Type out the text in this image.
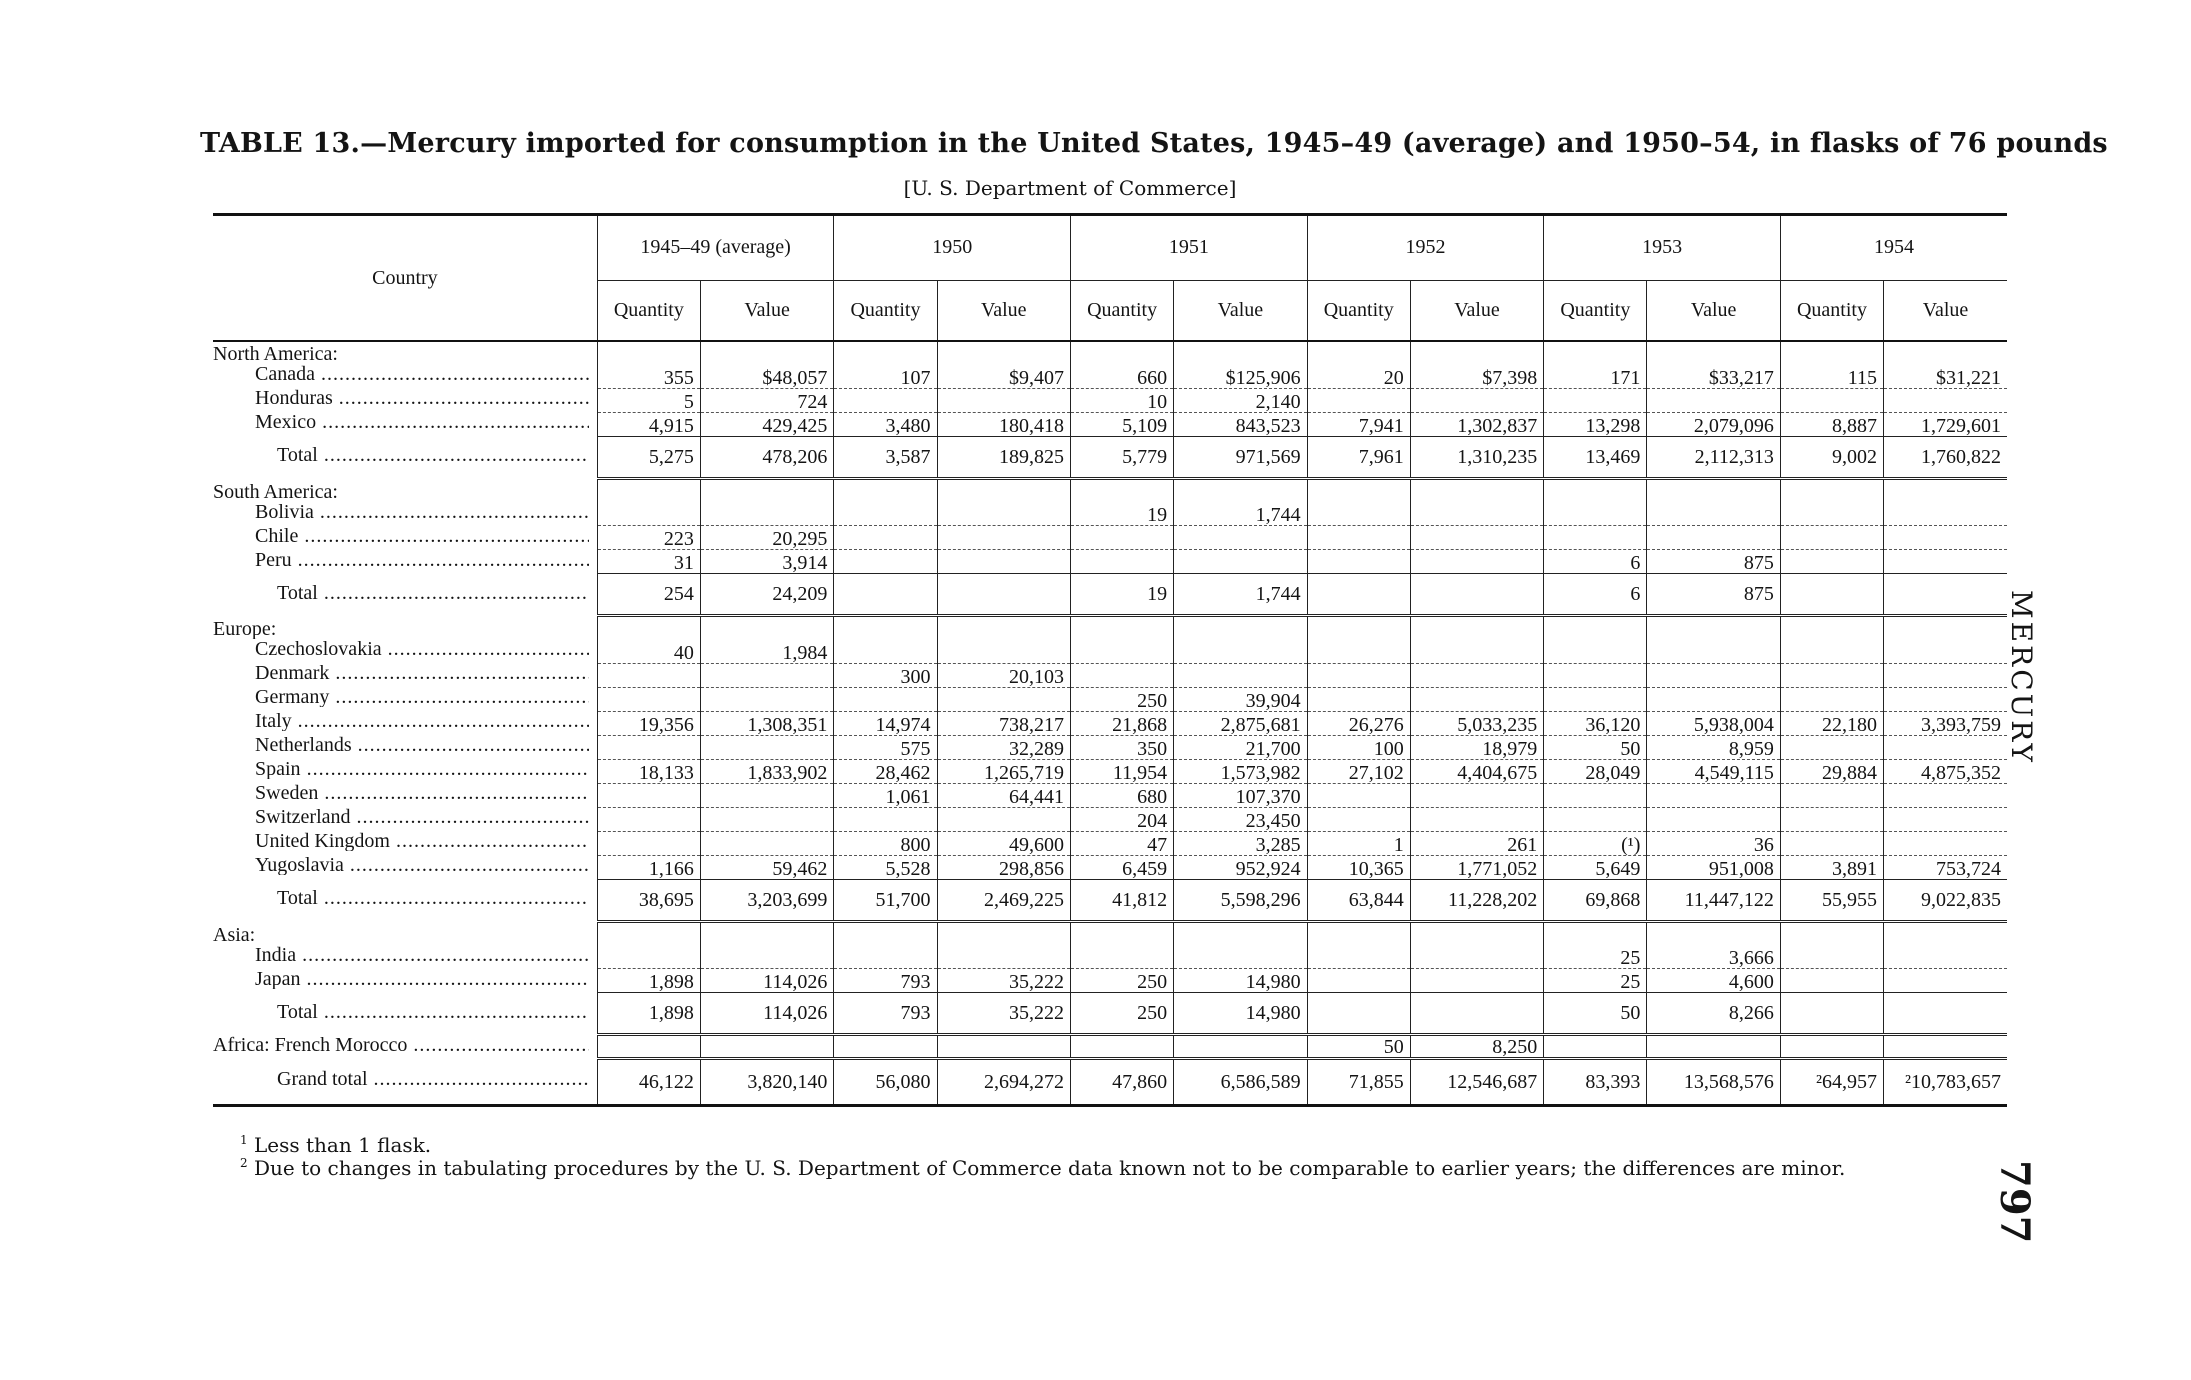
TABLE 13.—Mercury imported for consumption in the United States, 1945–49 (average) and 1950–54, in flasks of 76 pounds
[U. S. Department of Commerce]
Country	1945–49 (average)		1950		1951		1952		1953		1954	
	Quantity	Value	Quantity	Value	Quantity	Value	Quantity	Value	Quantity	Value	Quantity	Value
North America:												
Canada .....	355	$48,057	107	$9,407	660	$125,906	20	$7,398	171	$33,217	115	$31,221
Honduras .....	5	724			10	2,140						
Mexico .....	4,915	429,425	3,480	180,418	5,109	843,523	7,941	1,302,837	13,298	2,079,096	8,887	1,729,601
Total .....	5,275	478,206	3,587	189,825	5,779	971,569	7,961	1,310,235	13,469	2,112,313	9,002	1,760,822
South America:												
Bolivia .....					19	1,744						
Chile .....	223	20,295										
Peru .....	31	3,914							6	875		
Total .....	254	24,209			19	1,744			6	875		
Europe:												
Czechoslovakia .....	40	1,984										
Denmark .....			300	20,103								
Germany .....					250	39,904						
Italy .....	19,356	1,308,351	14,974	738,217	21,868	2,875,681	26,276	5,033,235	36,120	5,938,004	22,180	3,393,759
Netherlands .....			575	32,289	350	21,700	100	18,979	50	8,959		
Spain .....	18,133	1,833,902	28,462	1,265,719	11,954	1,573,982	27,102	4,404,675	28,049	4,549,115	29,884	4,875,352
Sweden .....			1,061	64,441	680	107,370						
Switzerland .....					204	23,450						
United Kingdom .....			800	49,600	47	3,285	1	261	(¹)	36		
Yugoslavia .....	1,166	59,462	5,528	298,856	6,459	952,924	10,365	1,771,052	5,649	951,008	3,891	753,724
Total .....	38,695	3,203,699	51,700	2,469,225	41,812	5,598,296	63,844	11,228,202	69,868	11,447,122	55,955	9,022,835
Asia:												
India .....									25	3,666		
Japan .....	1,898	114,026	793	35,222	250	14,980			25	4,600		
Total .....	1,898	114,026	793	35,222	250	14,980			50	8,266		
Africa: French Morocco .....							50	8,250				
Grand total .....	46,122	3,820,140	56,080	2,694,272	47,860	6,586,589	71,855	12,546,687	83,393	13,568,576	²64,957	²10,783,657
$^1$ Less than 1 flask.
$^2$ Due to changes in tabulating procedures by the U. S. Department of Commerce data known not to be comparable to earlier years; the differences are minor.
MERCURY
797
